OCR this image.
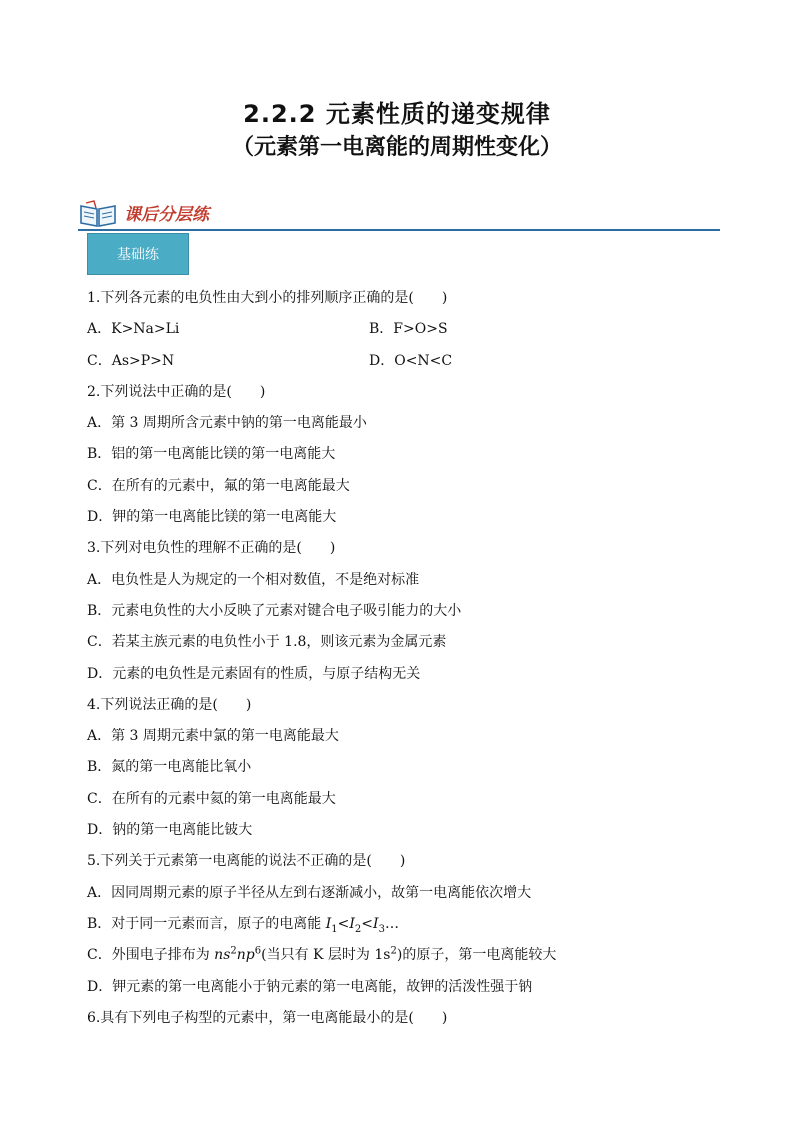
2.2.2 元素性质的递变规律
（元素第一电离能的周期性变化）
课后分层练
基础练
1.下列各元素的电负性由大到小的排列顺序正确的是(　　)
A．K>Na>Li	B．F>O>S
C．As>P>N	D．O<N<C
2.下列说法中正确的是(　　)
A．第 3 周期所含元素中钠的第一电离能最小
B．铝的第一电离能比镁的第一电离能大
C．在所有的元素中，氟的第一电离能最大
D．钾的第一电离能比镁的第一电离能大
3.下列对电负性的理解不正确的是(　　)
A．电负性是人为规定的一个相对数值，不是绝对标准
B．元素电负性的大小反映了元素对键合电子吸引能力的大小
C．若某主族元素的电负性小于 1.8，则该元素为金属元素
D．元素的电负性是元素固有的性质，与原子结构无关
4.下列说法正确的是(　　)
A．第 3 周期元素中氯的第一电离能最大
B．氮的第一电离能比氧小
C．在所有的元素中氦的第一电离能最大
D．钠的第一电离能比铍大
5.下列关于元素第一电离能的说法不正确的是(　　)
A．因同周期元素的原子半径从左到右逐渐减小，故第一电离能依次增大
B．对于同一元素而言，原子的电离能 $I_1<I_2<I_3\dots$
C．外围电子排布为 $ns^2np^6$(当只有 K 层时为 $1s^2$)的原子，第一电离能较大
D．钾元素的第一电离能小于钠元素的第一电离能，故钾的活泼性强于钠
6.具有下列电子构型的元素中，第一电离能最小的是(　　)
